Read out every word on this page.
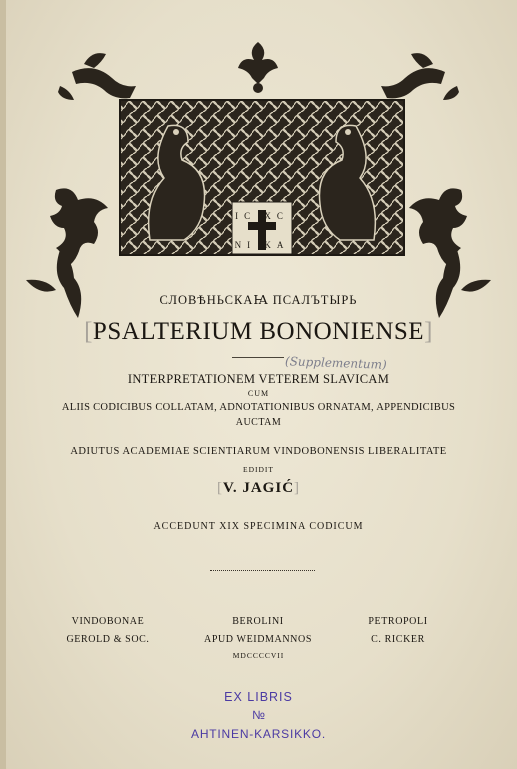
IC XC
NI KA
СЛОВѢНЬСКАꙖ ПСАЛЪТЫРЬ
[PSALTERIUM BONONIENSE]
(Supplementum)
INTERPRETATIONEM VETEREM SLAVICAM
CUM
ALIIS CODICIBUS COLLATAM, ADNOTATIONIBUS ORNATAM, APPENDICIBUS
AUCTAM
ADIUTUS ACADEMIAE SCIENTIARUM VINDOBONENSIS LIBERALITATE
EDIDIT
[V. JAGIĆ]
ACCEDUNT XIX SPECIMINA CODICUM
VINDOBONAE
GEROLD & SOC.
BEROLINI
APUD WEIDMANNOS
PETROPOLI
C. RICKER
MDCCCCVII
EX LIBRIS
№
AHTINEN-KARSIKKO.
